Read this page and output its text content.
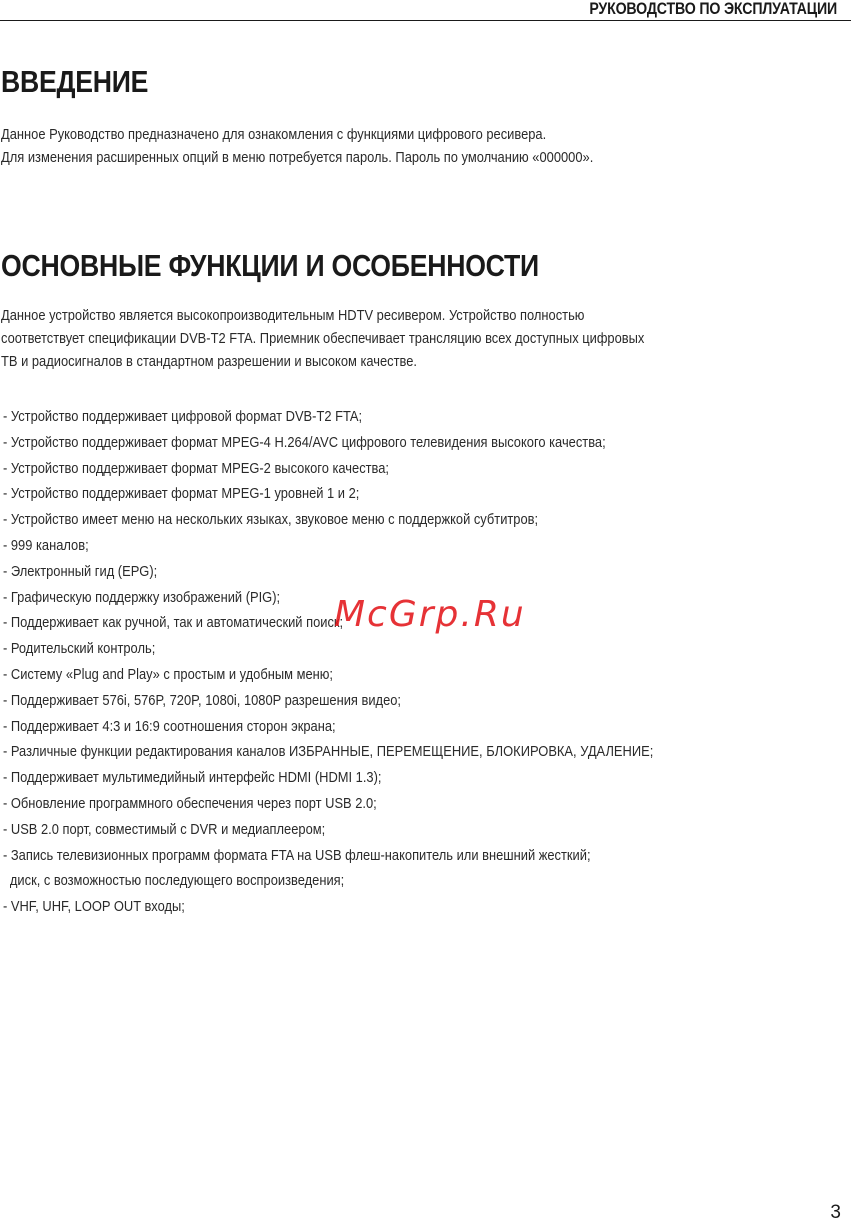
РУКОВОДСТВО ПО ЭКСПЛУАТАЦИИ
ВВЕДЕНИЕ
Данное Руководство предназначено для ознакомления с функциями цифрового ресивера.
Для изменения расширенных опций в меню потребуется пароль. Пароль по умолчанию «000000».
ОСНОВНЫЕ ФУНКЦИИ И ОСОБЕННОСТИ
Данное устройство является высокопроизводительным HDTV ресивером. Устройство полностью
соответствует спецификации DVB-T2 FTA. Приемник обеспечивает трансляцию всех доступных цифровых
ТВ и радиосигналов в стандартном разрешении и высоком качестве.
- Устройство поддерживает цифровой формат DVB-T2 FTA;
- Устройство поддерживает формат MPEG-4 H.264/AVC цифрового телевидения высокого качества;
- Устройство поддерживает формат MPEG-2 высокого качества;
- Устройство поддерживает формат MPEG-1 уровней 1 и 2;
- Устройство имеет меню на нескольких языках, звуковое меню с поддержкой субтитров;
- 999 каналов;
- Электронный гид (EPG);
- Графическую поддержку изображений (PIG);
- Поддерживает как ручной, так и автоматический поиск;
- Родительский контроль;
- Систему «Plug and Play» с простым и удобным меню;
- Поддерживает 576i, 576P, 720P, 1080i, 1080P разрешения видео;
- Поддерживает 4:3 и 16:9 соотношения сторон экрана;
- Различные функции редактирования каналов ИЗБРАННЫЕ, ПЕРЕМЕЩЕНИЕ, БЛОКИРОВКА, УДАЛЕНИЕ;
- Поддерживает мультимедийный интерфейс HDMI (HDMI 1.3);
- Обновление программного обеспечения через порт USB 2.0;
- USB 2.0 порт, совместимый с DVR и медиаплеером;
- Запись телевизионных программ формата FTA на USB флеш-накопитель или внешний жесткий;
диск, с возможностью последующего воспроизведения;
- VHF, UHF, LOOP OUT входы;
McGrp.Ru
3
